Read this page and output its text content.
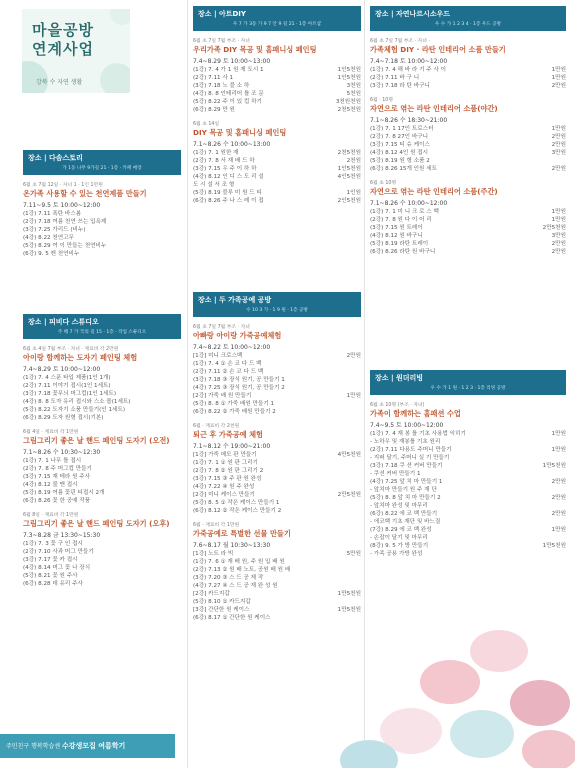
마을공방
연계사업
강북 수 자연 생활
장소 | 다솜스토리
가 1동 나무 9가길 21 · 1층 · 카페 매장
6월 초 7월 12일 · 자녀 1 · 1인 1만원
온가족 사용할 수 있는 천연제품 만들기
7.11~9.5 토 10:00~12:00
(1강) 7.11 폭탄 바스봄
(2강) 7.18 여름 천연 쓰는 입욕제
(3강) 7.25 가리드 (비누)
(4강) 8.22 천연고무
(5강) 8.29 여 이 만들는 천연비누
(6강) 9. 5 캔 천연비누
장소 | 피비다 스튜디오
주 해 7 가 국의 길 15 · 1층 · 작업 스튜디오
6월 초 4일 7월 부조 · 자녀 · 재료비 각 2만원
아이랑 함께하는 도자기 페인팅 체험
7.4~8.29 토 10:00~12:00
(1강) 7. 4 스푼 타입 제품(1인 1개)
(2강) 7.11 이야기 접시(1인 1세트)
(3강) 7.18 꽃무늬 머그컵(1인 1세트)
(4강) 8. 8 도자 유리 접시와 스소 볼(1세트)
(5강) 8.22 도자기 소품 만들기(인 1세트)
(6강) 8.29 도자 원형 접시(기본)
6월 4일 · 재료비 각 1만원
그림그리기 좋은 날 핸드 페인팅 도자기 (오전)
7.1~8.26 수 10:30~12:30
(1강) 7. 1 나무 틀 접시
(2강) 7. 8 주 머그컵 만들기
(3강) 7.15 재 테라 원 주사
(4강) 8.12 불 맨 접시
(5강) 8.19 여름 꽃핀 티접시 2개
(6강) 8.26 꽃 한 공예 작품
6월 8일 · 재료비 각 1만원
그림그리기 좋은 날 핸드 페인팅 도자기 (오후)
7.3~8.28 금 13:30~15:30
(1강) 7. 3 꽃 구 인 접시
(2강) 7.10 사과 머그 만들기
(3강) 7.17 꽃 카 접시
(4강) 8.14 머그 꽃 나 장식
(5강) 8.21 꽃 원 주사
(6강) 8.28 데 유리 주사
주민친구 행복학습센 수강생모집 여름학기
장소 | 아트DIY
우 7 가 3동 가 9 7 안 9 길 21 · 1층 아트샵
6월 초 7일 7월 부조 · 자녀
우리가족 DIY 목공 및 홈패니싱 페인팅
7.4~8.29 토 10:00~13:00
(1강) 7. 4 가 1 원 재 도시 1	1인5천원
(2강) 7.11 사 1	1인5천원
(3강) 7.18 노 블 소 하	3천원
(4강) 8. 8 인테리어 틀 조 문	5천원
(5강) 8.22 주 이 있 컵 하기	3천원천원
(6강) 8.29 만 원	2천5천원
6월 초 14일
DIY 목공 및 홈패니싱 페인팅
7.1~8.26 수 10:00~13:00
(1강) 7. 1 원한 재	2천5천원
(2강) 7. 8 서 재 배 드 하	2천원
(3강) 7.15 우 주 이 하 하	1인5천원
(4강) 8.12 인 디 스 도 리 설	4인5천원
도 시 설 서 조 형
(5강) 8.19 블루 미 원 드 티	1인원
(6강) 8.26 주 나 스 레 이 접	2인5천원
장소 | 두 가족공예 공방
수 10 3 가 · 1 9 원 · 1층 공방
6월 초 7일 7월 부조 · 자녀
아빠랑 아이랑 가죽공예체험
7.4~8.22 토 10:00~12:00
[1강] 미니 크로스백	2만원
(1강) 7. 4 ① 손 코 다 드 백
(2강) 7.11 ② 손 코 다 드 백
(3강) 7.18 ③ 장식 원기, 공 만들기 1
(4강) 7.25 ③ 장식 원기, 공 만들기 2
[2강] 가죽 배 원 만들기	1만원
(5강) 8. 8 ① 가죽 배원 만들기 1
(6강) 8.22 ② 가죽 배원 만들기 2
6월 · 재료비 각 2천원
퇴근 후 가죽공예 체험
7.1~8.12 수 19:00~21:00
[1강] 가죽 메모 판 만들기	4만5천원
(1강) 7. 1 ① 원 판 그리기
(2강) 7. 8 ② 원 판 그리기 2
(3강) 7.15 ③ 주 판 원 완성
(4강) 7.22 ④ 원 주 완성
[2강] 미니 케이스 만들기	2만5천원
(5강) 8. 5 ① 작은 케이스 만들기 1
(6강) 8.12 ② 작은 케이스 만들기 2
6월 · 재료비 각 1만원
가죽공예로 특별한 선물 만들기
7.6~8.17 월 10:30~13:30
[1강] 노트 라 빅	5만원
(1강) 7. 6 ① 재 배 원, 주 원 입 배 원
(2강) 7.13 ② 원 배 노트, 공원 배 원 배
(3강) 7.20 ③ 스 드 공 제 작
(4강) 7.27 ④ 스 드 공 재 완 성 원
[2강] 카드지갑	1만5천원
(5강) 8.10 ① 카드지갑
[3강] 간단한 원 케이스	1만5천원
(6강) 8.17 ① 간단한 원 케이스
장소 | 자연나르시소우드
우 수 가 1 2 3 4 · 1층 우드 공방
6월 초 7일 7월 부조 · 자녀 ·
가족체험 DIY · 라탄 인테리어 소품 만들기
7.4~7.18 토 10:00~12:00
(1강) 7. 4 해 바 라 기 주 사 이	1만원
(2강) 7.11 바 구 니	1만원
(3강) 7.18 라 탄 바구니	2만원
6월 · 10명
자연으로 엮는 라탄 인테리어 소품(야간)
7.1~8.26 수 18:30~21:00
(1강) 7. 1 17인 트로스터	1만원
(2강) 7. 8 27인 바구니	2만원
(3강) 7.15 티 슈 케이스	2만원
(4강) 8.12 4인 원 접시	3만원
(5강) 8.19 원 형 소품 2
(6강) 8.26 15개 인원 세트	2만원
6월 초 10명
자연으로 엮는 라탄 인테리어 소품(주간)
7.1~8.26 수 10:00~12:00
(1강) 7. 1 미 니 크 로 스 백	1만원
(2강) 7. 8 원 다 이 어 리	1만원
(3강) 7.15 원 트레이	2만5천원
(4강) 8.12 원 바구니	3만원
(5강) 8.19 라탄 트레이	2만원
(6강) 8.26 라탄 원 바구니	2만원
장소 | 원더리빙
우 수 가 1 원 · 1 2 3 · 1층 리빙 공방
6월 초 10명 (부조 · 자녀)
가족이 함께하는 홈패션 수업
7.4~9.5 토 10:00~12:00
(1강) 7. 4 재 봉 틀 기초 사용법 익히기	1만원
- 노하우 및 재봉틀 기초 원리
(2강) 7.11 다용도 주머니 만들기	1만원
- 지퍼 달기, 주머니 실 기 만들기
(3강) 7.18 쿠 션 커버 만들기	1만5천원
- 쿠션 커버 만들기 1
(4강) 7.25 앞 치 마 만들기 1	2만원
- 앞치마 만들기 원 주 재 단
(5강) 8. 8 앞 치 마 만들기 2	2만원
- 앞치마 완성 및 마무리
(6강) 8.22 에 코 백 만들기	2만원
- 에코백 기초 재단 및 바느질
(7강) 8.29 에 코 백 완성	1만원
- 손잡이 달기 및 마무리
(8강) 9. 5 가 방 만들기	1만5천원
- 가족 공용 가방 완성
